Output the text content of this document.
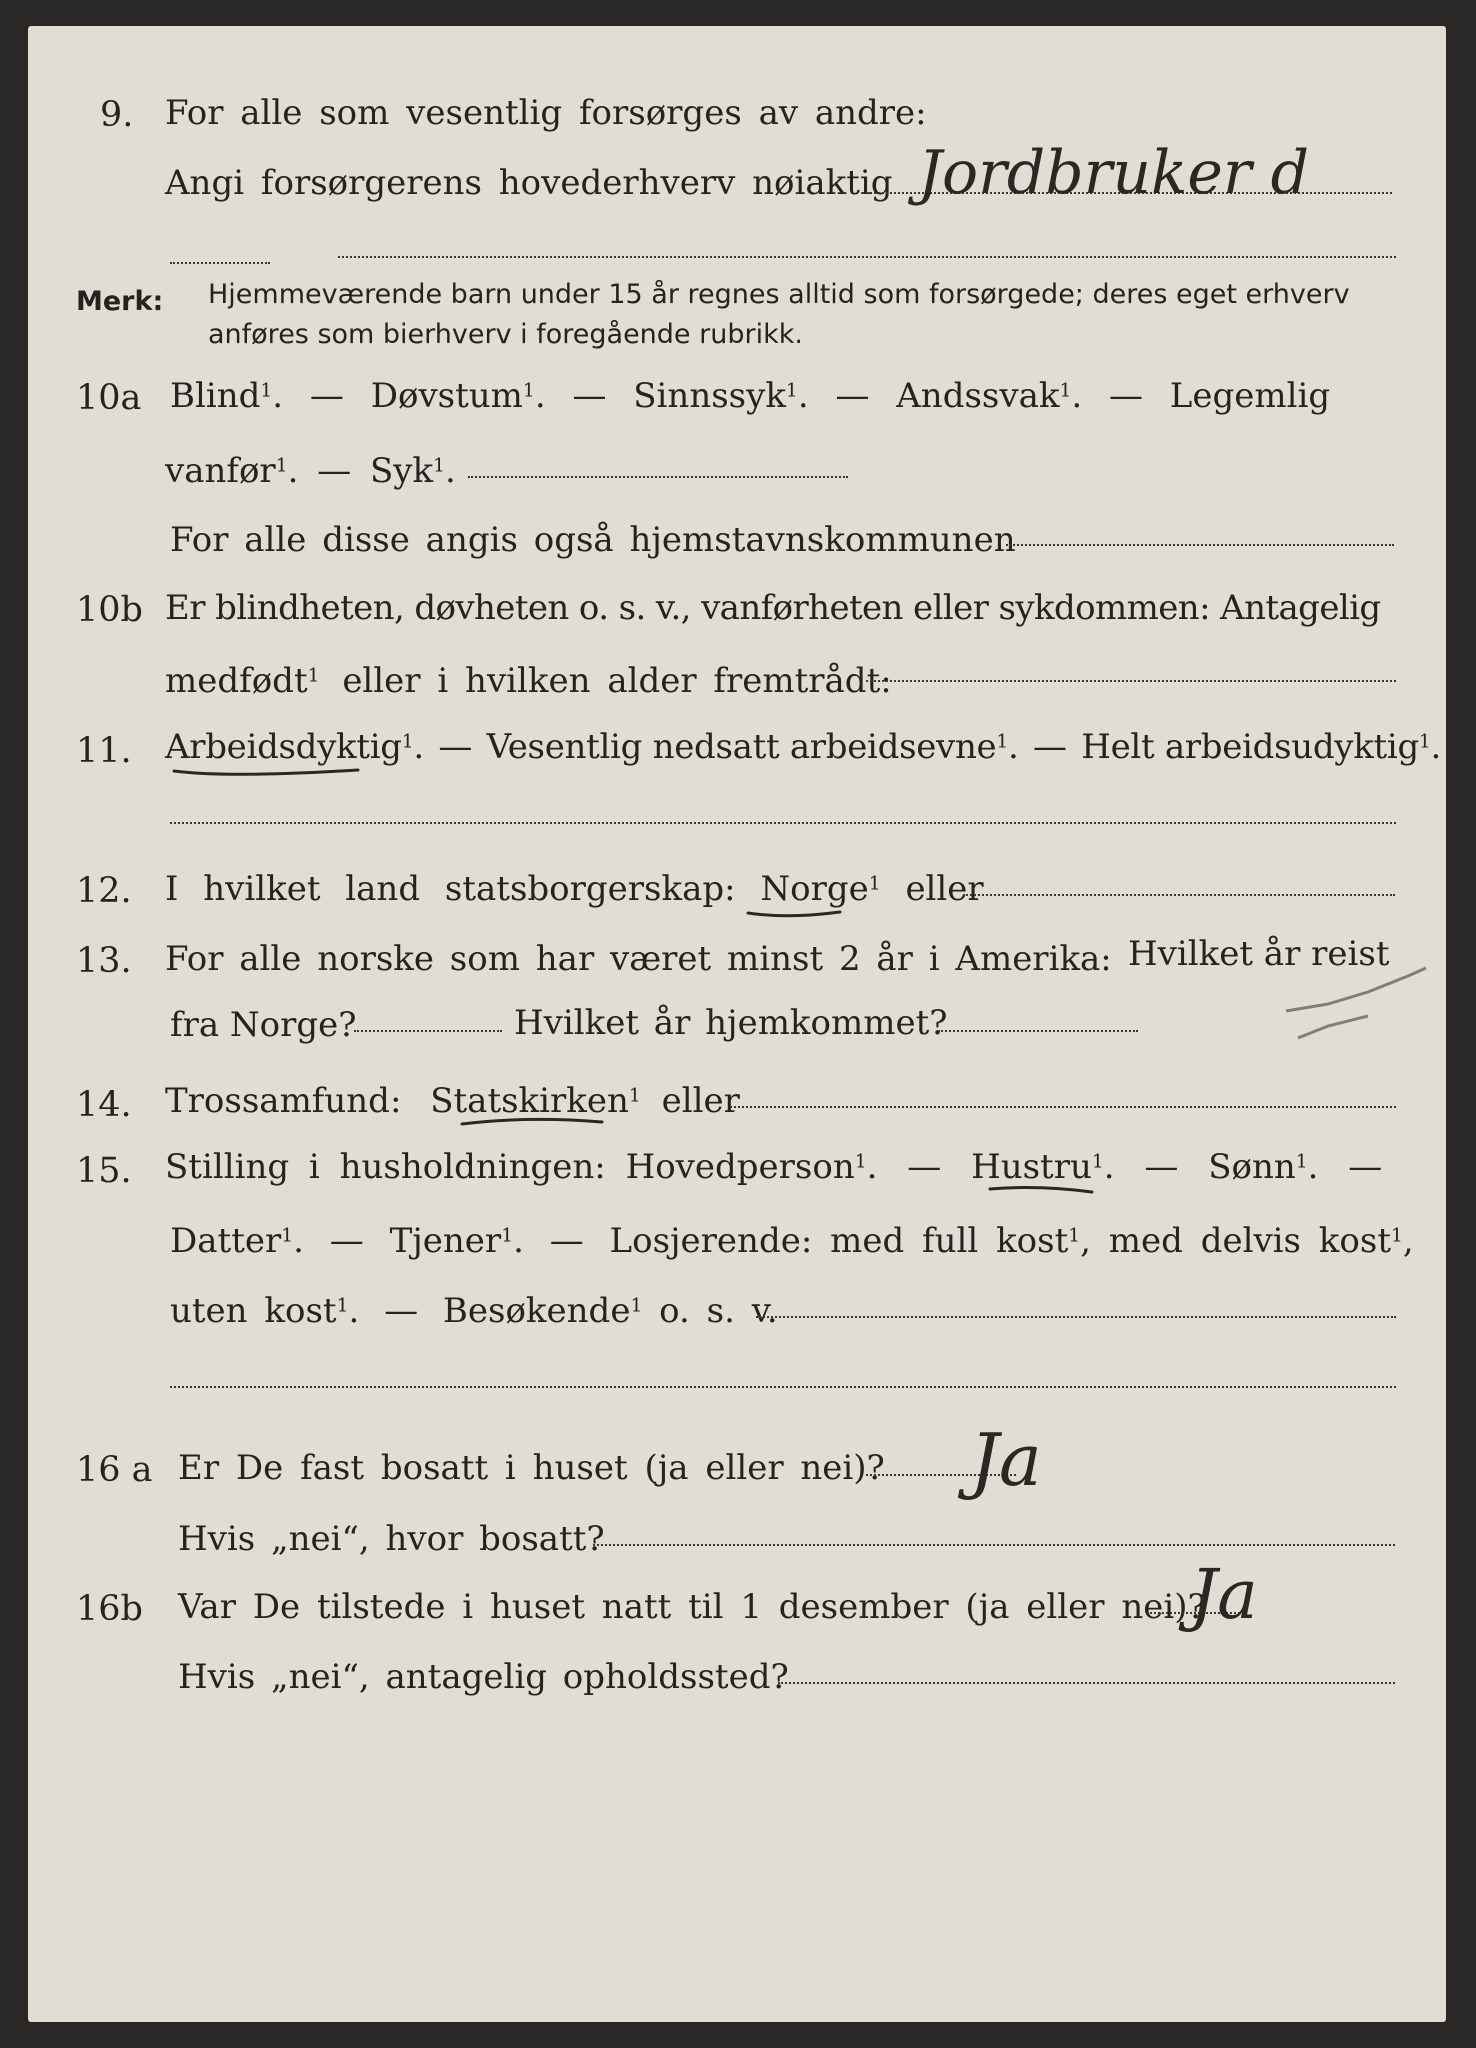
9. For alle som vesentlig forsørges av andre:
Angi forsørgerens hovederhverv nøiaktig Jordbruker d
Merk: Hjemmeværende barn under 15 år regnes alltid som forsørgede; deres eget erhverv
anføres som bierhverv i foregående rubrikk.
10a Blind$^1$. — Døvstum$^1$. — Sinnssyk$^1$. — Andssvak$^1$. — Legemlig
vanfør$^1$. — Syk$^1$.
For alle disse angis også hjemstavnskommunen
10b Er blindheten, døvheten o. s. v., vanførheten eller sykdommen: Antagelig
medfødt$^1$ eller i hvilken alder fremtrådt:
11. Arbeidsdyktig$^1$. — Vesentlig nedsatt arbeidsevne$^1$. — Helt arbeidsudyktig$^1$.
12. I hvilket land statsborgerskap: Norge$^1$ eller
13. For alle norske som har været minst 2 år i Amerika: Hvilket år reist
fra Norge?	Hvilket år hjemkommet?
14. Trossamfund: Statskirken$^1$ eller
15. Stilling i husholdningen: Hovedperson$^1$. — Hustru$^1$. — Sønn$^1$. —
Datter$^1$. — Tjener$^1$. — Losjerende: med full kost$^1$, med delvis kost$^1$,
uten kost$^1$. — Besøkende$^1$ o. s. v.
16 a Er De fast bosatt i huset (ja eller nei)? Ja
Hvis „nei“, hvor bosatt?
16b Var De tilstede i huset natt til 1 desember (ja eller nei)?
Ja
Hvis „nei“, antagelig opholdssted?
